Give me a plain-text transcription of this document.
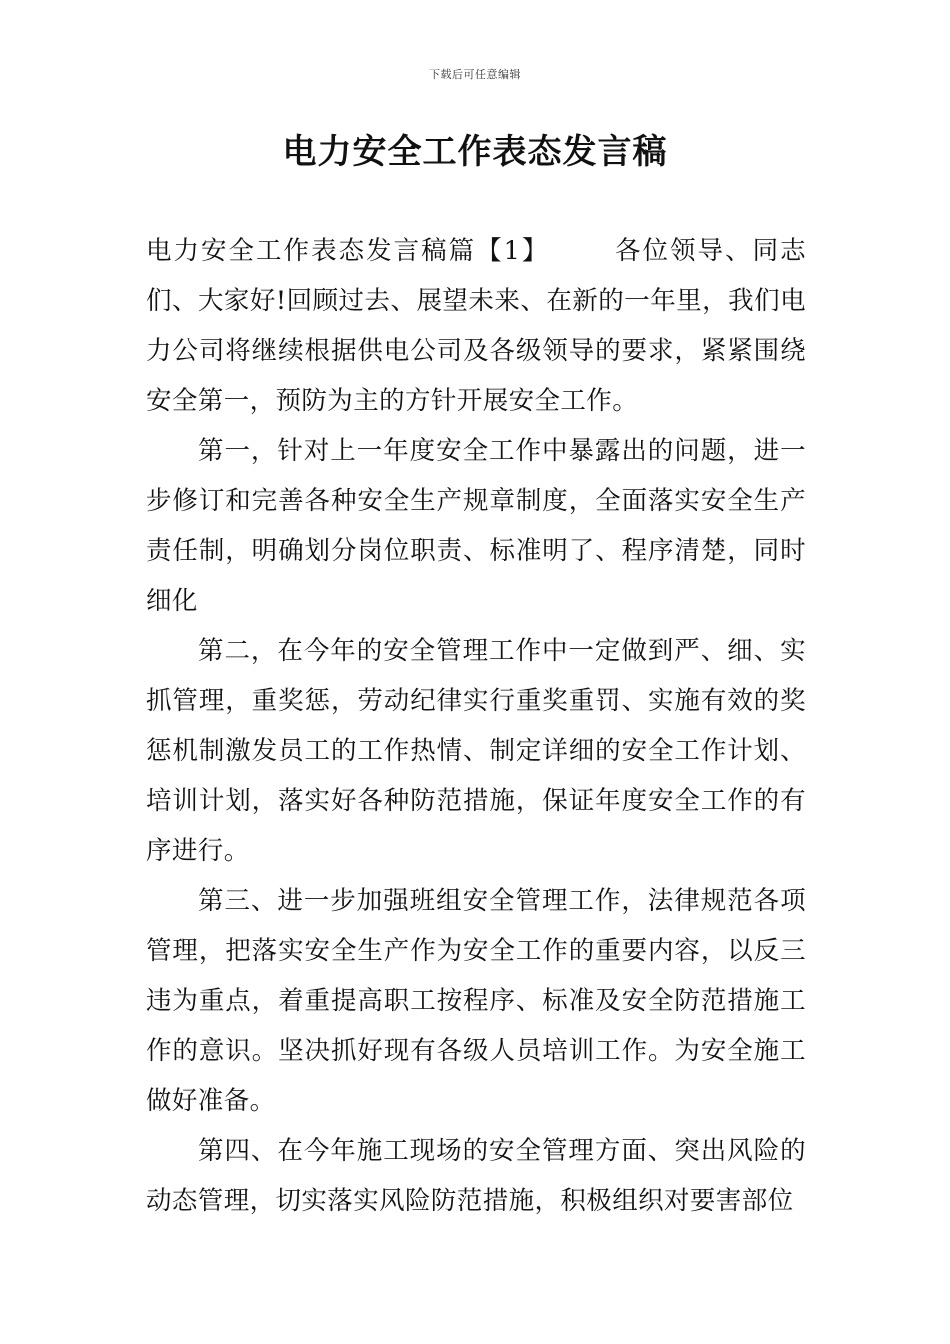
下载后可任意编辑
电力安全工作表态发言稿

电力安全工作表态发言稿篇【1】	各位领导、同志们、大家好!回顾过去、展望未来、在新的一年里，我们电力公司将继续根据供电公司及各级领导的要求，紧紧围绕安全第一，预防为主的方针开展安全工作。

第一，针对上一年度安全工作中暴露出的问题，进一步修订和完善各种安全生产规章制度，全面落实安全生产责任制，明确划分岗位职责、标准明了、程序清楚，同时细化

第二，在今年的安全管理工作中一定做到严、细、实抓管理，重奖惩，劳动纪律实行重奖重罚、实施有效的奖惩机制激发员工的工作热情、制定详细的安全工作计划、培训计划，落实好各种防范措施，保证年度安全工作的有序进行。

第三、进一步加强班组安全管理工作，法律规范各项管理，把落实安全生产作为安全工作的重要内容，以反三违为重点，着重提高职工按程序、标准及安全防范措施工作的意识。坚决抓好现有各级人员培训工作。为安全施工做好准备。

第四、在今年施工现场的安全管理方面、突出风险的动态管理，切实落实风险防范措施，积极组织对要害部位
